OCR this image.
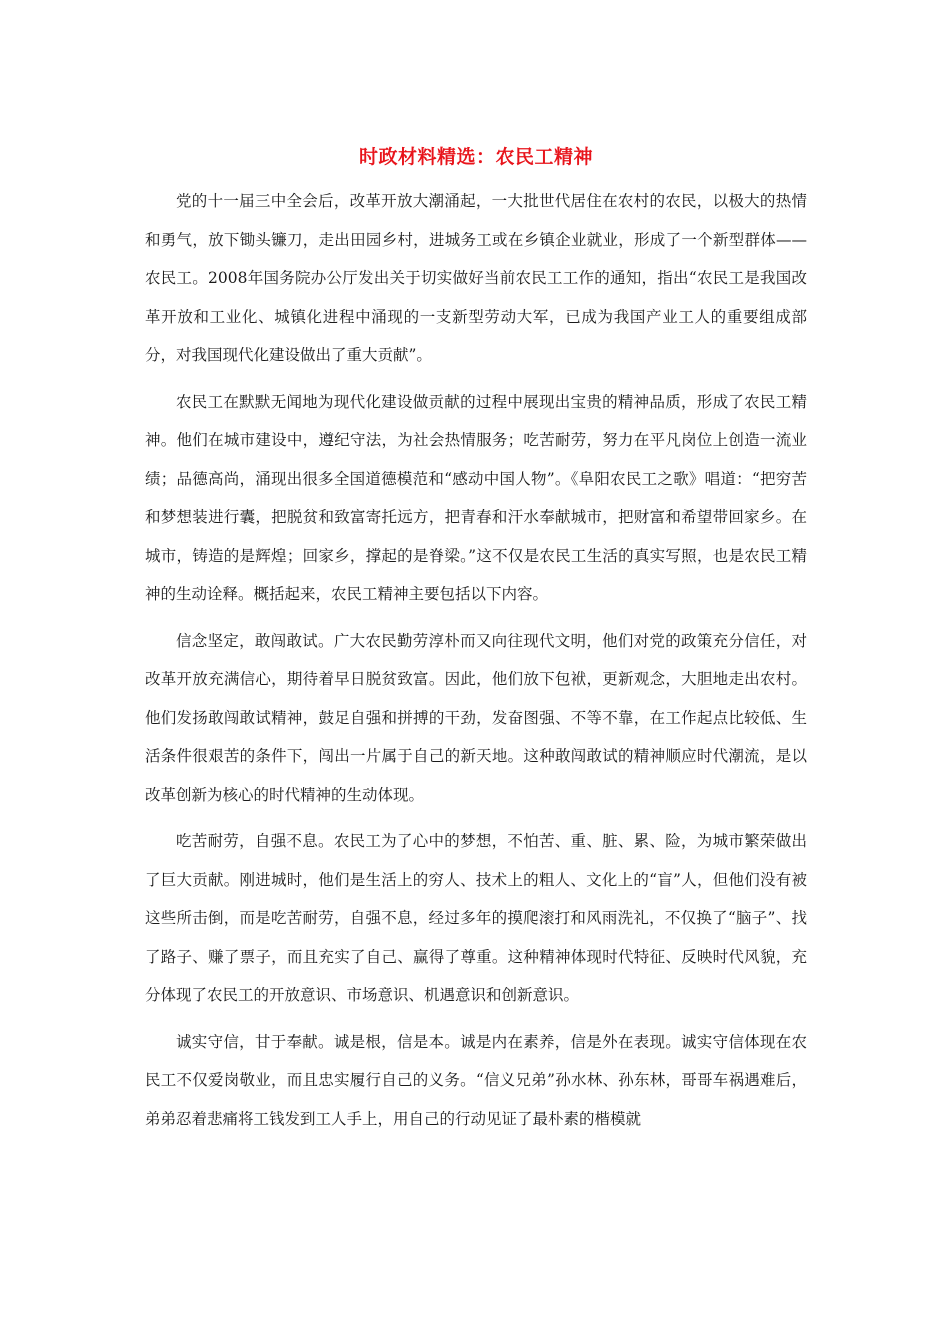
时政材料精选：农民工精神

党的十一届三中全会后，改革开放大潮涌起，一大批世代居住在农村的农民，以极大的热情和勇气，放下锄头镰刀，走出田园乡村，进城务工或在乡镇企业就业，形成了一个新型群体——农民工。2008年国务院办公厅发出关于切实做好当前农民工工作的通知，指出“农民工是我国改革开放和工业化、城镇化进程中涌现的一支新型劳动大军，已成为我国产业工人的重要组成部分，对我国现代化建设做出了重大贡献”。

农民工在默默无闻地为现代化建设做贡献的过程中展现出宝贵的精神品质，形成了农民工精神。他们在城市建设中，遵纪守法，为社会热情服务；吃苦耐劳，努力在平凡岗位上创造一流业绩；品德高尚，涌现出很多全国道德模范和“感动中国人物”。《阜阳农民工之歌》唱道：“把穷苦和梦想装进行囊，把脱贫和致富寄托远方，把青春和汗水奉献城市，把财富和希望带回家乡。在城市，铸造的是辉煌；回家乡，撑起的是脊梁。”这不仅是农民工生活的真实写照，也是农民工精神的生动诠释。概括起来，农民工精神主要包括以下内容。

信念坚定，敢闯敢试。广大农民勤劳淳朴而又向往现代文明，他们对党的政策充分信任，对改革开放充满信心，期待着早日脱贫致富。因此，他们放下包袱，更新观念，大胆地走出农村。他们发扬敢闯敢试精神，鼓足自强和拼搏的干劲，发奋图强、不等不靠，在工作起点比较低、生活条件很艰苦的条件下，闯出一片属于自己的新天地。这种敢闯敢试的精神顺应时代潮流，是以改革创新为核心的时代精神的生动体现。

吃苦耐劳，自强不息。农民工为了心中的梦想，不怕苦、重、脏、累、险，为城市繁荣做出了巨大贡献。刚进城时，他们是生活上的穷人、技术上的粗人、文化上的“盲”人，但他们没有被这些所击倒，而是吃苦耐劳，自强不息，经过多年的摸爬滚打和风雨洗礼，不仅换了“脑子”、找了路子、赚了票子，而且充实了自己、赢得了尊重。这种精神体现时代特征、反映时代风貌，充分体现了农民工的开放意识、市场意识、机遇意识和创新意识。

诚实守信，甘于奉献。诚是根，信是本。诚是内在素养，信是外在表现。诚实守信体现在农民工不仅爱岗敬业，而且忠实履行自己的义务。“信义兄弟”孙水林、孙东林，哥哥车祸遇难后，弟弟忍着悲痛将工钱发到工人手上，用自己的行动见证了最朴素的楷模就
